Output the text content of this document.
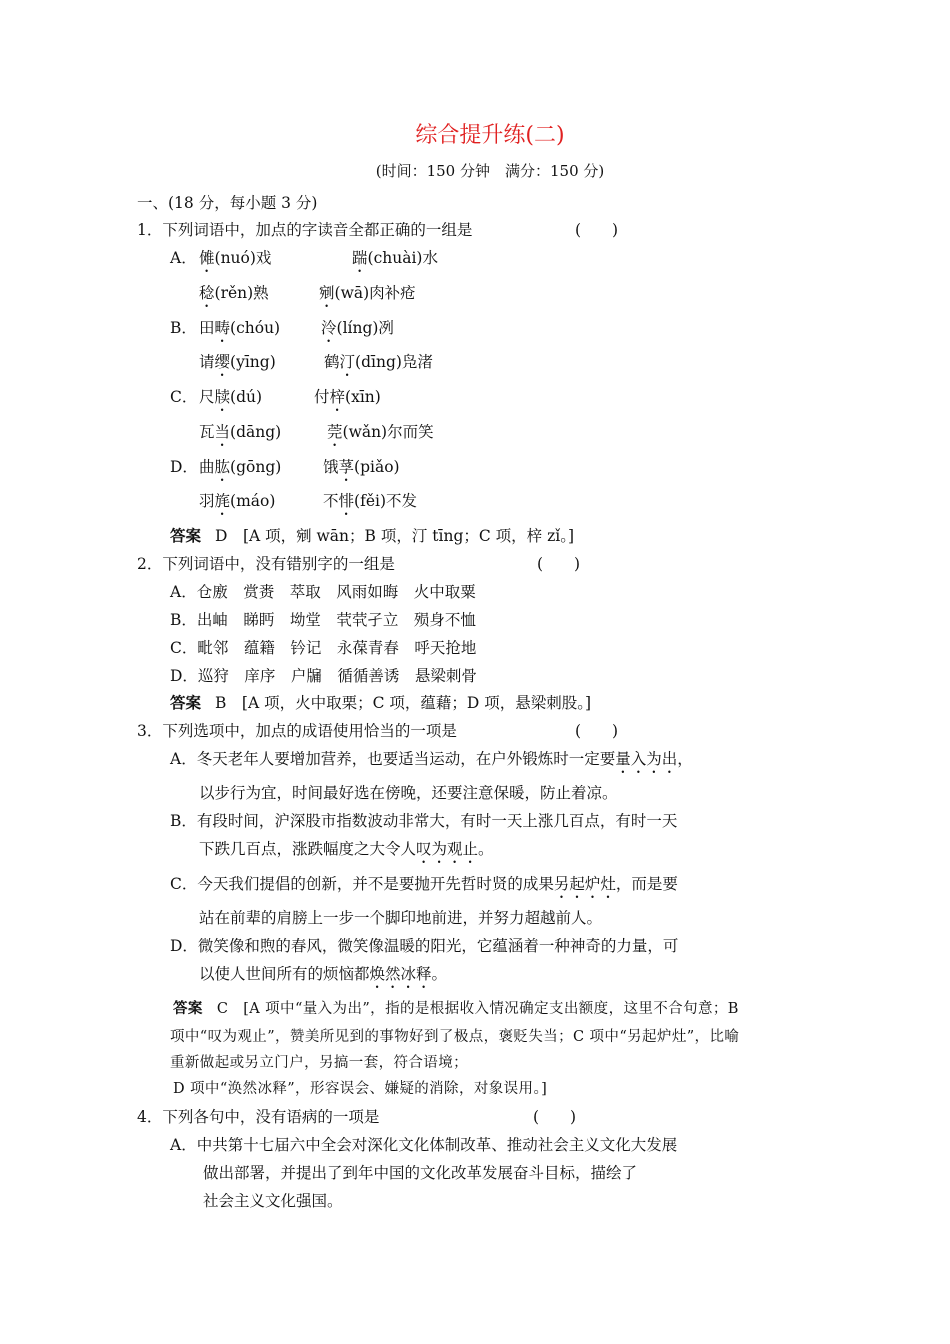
综合提升练(二)
(时间：150 分钟　满分：150 分)
一、(18 分，每小题 3 分)
1．下列词语中，加点的字读音全都正确的一组是	(　　)
A． 傩(nuó)戏	踹(chuài)水
稔(rěn)熟	剜(wā)肉补疮
B． 田畴(chóu)	泠(líng)冽
请缨(yīng)	鹤汀(dīng)凫渚
C． 尺牍(dú)	付梓(xīn)
瓦当(dāng)	莞(wǎn)尔而笑
D． 曲肱(gōng)	饿莩(piǎo)
羽旄(máo)	不悱(fěi)不发
答案 D　[A 项，剜 wān；B 项，汀 tīng；C 项，梓 zǐ。]
2．下列词语中，没有错别字的一组是	(　　)
A．仓廒　赏赉　萃取　风雨如晦　火中取粟
B．出岫　睇眄　坳堂　茕茕孑立　殒身不恤
C．毗邻　蕴籍　钤记　永葆青春　呼天抢地
D．巡狩　庠序　户牖　循循善诱　悬梁刺骨
答案 B　[A 项，火中取栗；C 项，蕴藉；D 项，悬梁刺股。]
3．下列选项中，加点的成语使用恰当的一项是	(　　)
A．冬天老年人要增加营养，也要适当运动，在户外锻炼时一定要量入为出，
以步行为宜，时间最好选在傍晚，还要注意保暖，防止着凉。
B．有段时间，沪深股市指数波动非常大，有时一天上涨几百点，有时一天
下跌几百点，涨跌幅度之大令人叹为观止。
C．今天我们提倡的创新，并不是要抛开先哲时贤的成果另起炉灶，而是要
站在前辈的肩膀上一步一个脚印地前进，并努力超越前人。
D．微笑像和煦的春风，微笑像温暖的阳光，它蕴涵着一种神奇的力量，可
以使人世间所有的烦恼都焕然冰释。
答案 C　[A 项中“量入为出”，指的是根据收入情况确定支出额度，这里不合句意；B
项中“叹为观止”，赞美所见到的事物好到了极点，褒贬失当；C 项中“另起炉灶”，比喻
重新做起或另立门户，另搞一套，符合语境；
D 项中“涣然冰释”，形容误会、嫌疑的消除，对象误用。]
4．下列各句中，没有语病的一项是	(　　)
A．中共第十七届六中全会对深化文化体制改革、推动社会主义文化大发展
做出部署，并提出了到年中国的文化改革发展奋斗目标，描绘了
社会主义文化强国。
